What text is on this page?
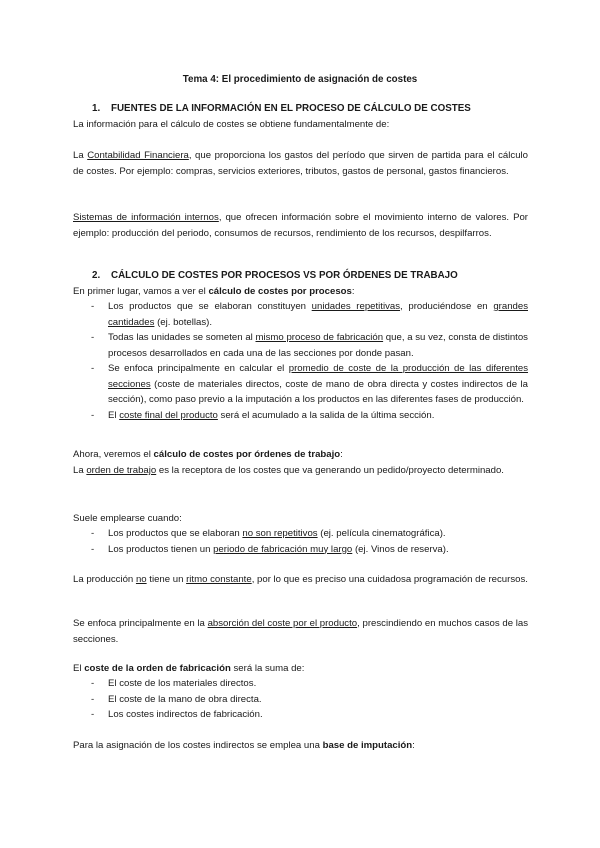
Tema 4: El procedimiento de asignación de costes
1. FUENTES DE LA INFORMACIÓN EN EL PROCESO DE CÁLCULO DE COSTES

La información para el cálculo de costes se obtiene fundamentalmente de:

La Contabilidad Financiera, que proporciona los gastos del período que sirven de partida para el cálculo de costes. Por ejemplo: compras, servicios exteriores, tributos, gastos de personal, gastos financieros.

Sistemas de información internos, que ofrecen información sobre el movimiento interno de valores. Por ejemplo: producción del periodo, consumos de recursos, rendimiento de los recursos, despilfarros.

2. CÁLCULO DE COSTES POR PROCESOS VS POR ÓRDENES DE TRABAJO

En primer lugar, vamos a ver el cálculo de costes por procesos:

- Los productos que se elaboran constituyen unidades repetitivas, produciéndose en grandes cantidades (ej. botellas).
- Todas las unidades se someten al mismo proceso de fabricación que, a su vez, consta de distintos procesos desarrollados en cada una de las secciones por donde pasan.
- Se enfoca principalmente en calcular el promedio de coste de la producción de las diferentes secciones (coste de materiales directos, coste de mano de obra directa y costes indirectos de la sección), como paso previo a la imputación a los productos en las diferentes fases de producción.
- El coste final del producto será el acumulado a la salida de la última sección.

Ahora, veremos el cálculo de costes por órdenes de trabajo:

La orden de trabajo es la receptora de los costes que va generando un pedido/proyecto determinado.

Suele emplearse cuando:

- Los productos que se elaboran no son repetitivos (ej. película cinematográfica).
- Los productos tienen un periodo de fabricación muy largo (ej. Vinos de reserva).

La producción no tiene un ritmo constante, por lo que es preciso una cuidadosa programación de recursos.

Se enfoca principalmente en la absorción del coste por el producto, prescindiendo en muchos casos de las secciones.

El coste de la orden de fabricación será la suma de:

- El coste de los materiales directos.
- El coste de la mano de obra directa.
- Los costes indirectos de fabricación.

Para la asignación de los costes indirectos se emplea una base de imputación:
